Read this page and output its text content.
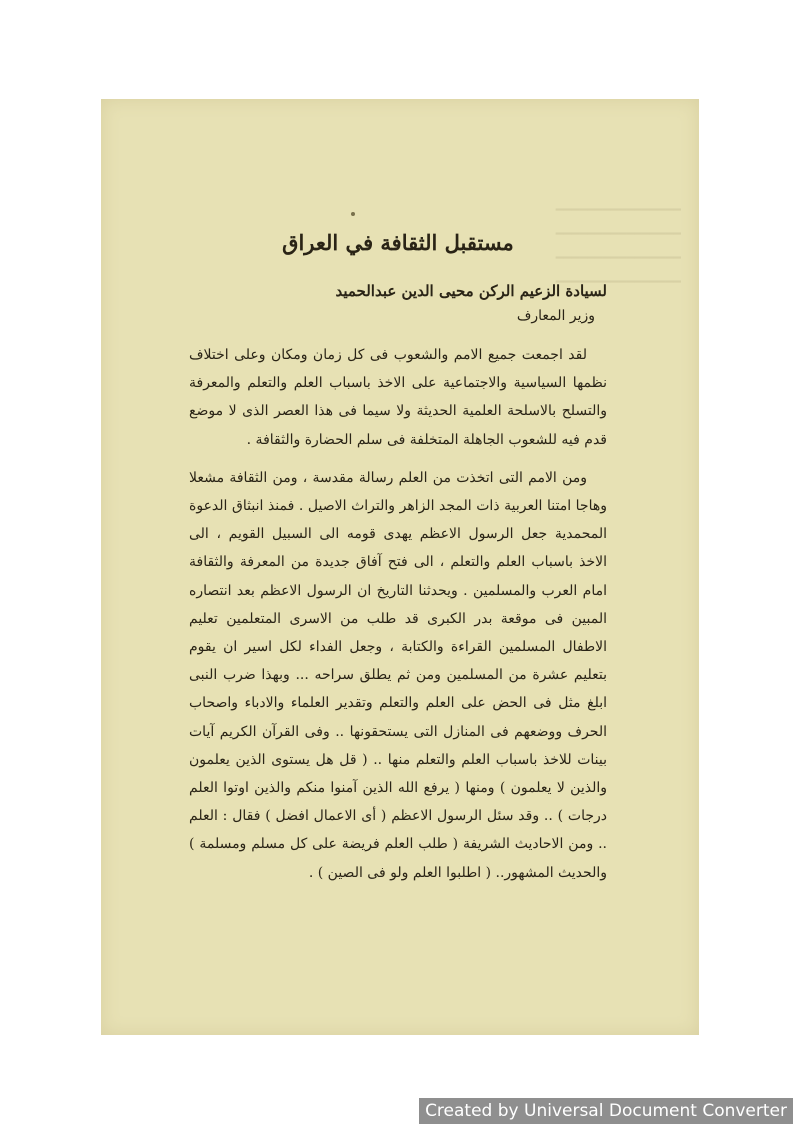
━━━━━━━━━━━━━━━━
━━━━━━━━━━━━━━━━
━━━━━━━━━━━━━━━━
━━━━━━━━━━━━━━━━
مستقبل الثقافة في العراق
لسيادة الزعيم الركن محيى الدين عبدالحميد
وزير المعارف

لقد اجمعت جميع الامم والشعوب فى كل زمان ومكان وعلى اختلاف نظمها السياسية والاجتماعية على الاخذ باسباب العلم والتعلم والمعرفة والتسلح بالاسلحة العلمية الحديثة ولا سيما فى هذا العصر الذى لا موضع قدم فيه للشعوب الجاهلة المتخلفة فى سلم الحضارة والثقافة .

ومن الامم التى اتخذت من العلم رسالة مقدسة ، ومن الثقافة مشعلا وهاجا امتنا العربية ذات المجد الزاهر والتراث الاصيل . فمنذ انبثاق الدعوة المحمدية جعل الرسول الاعظم يهدى قومه الى السبيل القويم ، الى الاخذ باسباب العلم والتعلم ، الى فتح آفاق جديدة من المعرفة والثقافة امام العرب والمسلمين . ويحدثنا التاريخ ان الرسول الاعظم بعد انتصاره المبين فى موقعة بدر الكبرى قد طلب من الاسرى المتعلمين تعليم الاطفال المسلمين القراءة والكتابة ، وجعل الفداء لكل اسير ان يقوم بتعليم عشرة من المسلمين ومن ثم يطلق سراحه ... وبهذا ضرب النبى ابلغ مثل فى الحض على العلم والتعلم وتقدير العلماء والادباء واصحاب الحرف ووضعهم فى المنازل التى يستحقونها .. وفى القرآن الكريم آيات بينات للاخذ باسباب العلم والتعلم منها .. ( قل هل يستوى الذين يعلمون والذين لا يعلمون ) ومنها ( يرفع الله الذين آمنوا منكم والذين اوتوا العلم درجات ) .. وقد سئل الرسول الاعظم ( أى الاعمال افضل ) فقال : العلم .. ومن الاحاديث الشريفة ( طلب العلم فريضة على كل مسلم ومسلمة ) والحديث المشهور.. ( اطلبوا العلم ولو فى الصين ) .

Created by Universal Document Converter
